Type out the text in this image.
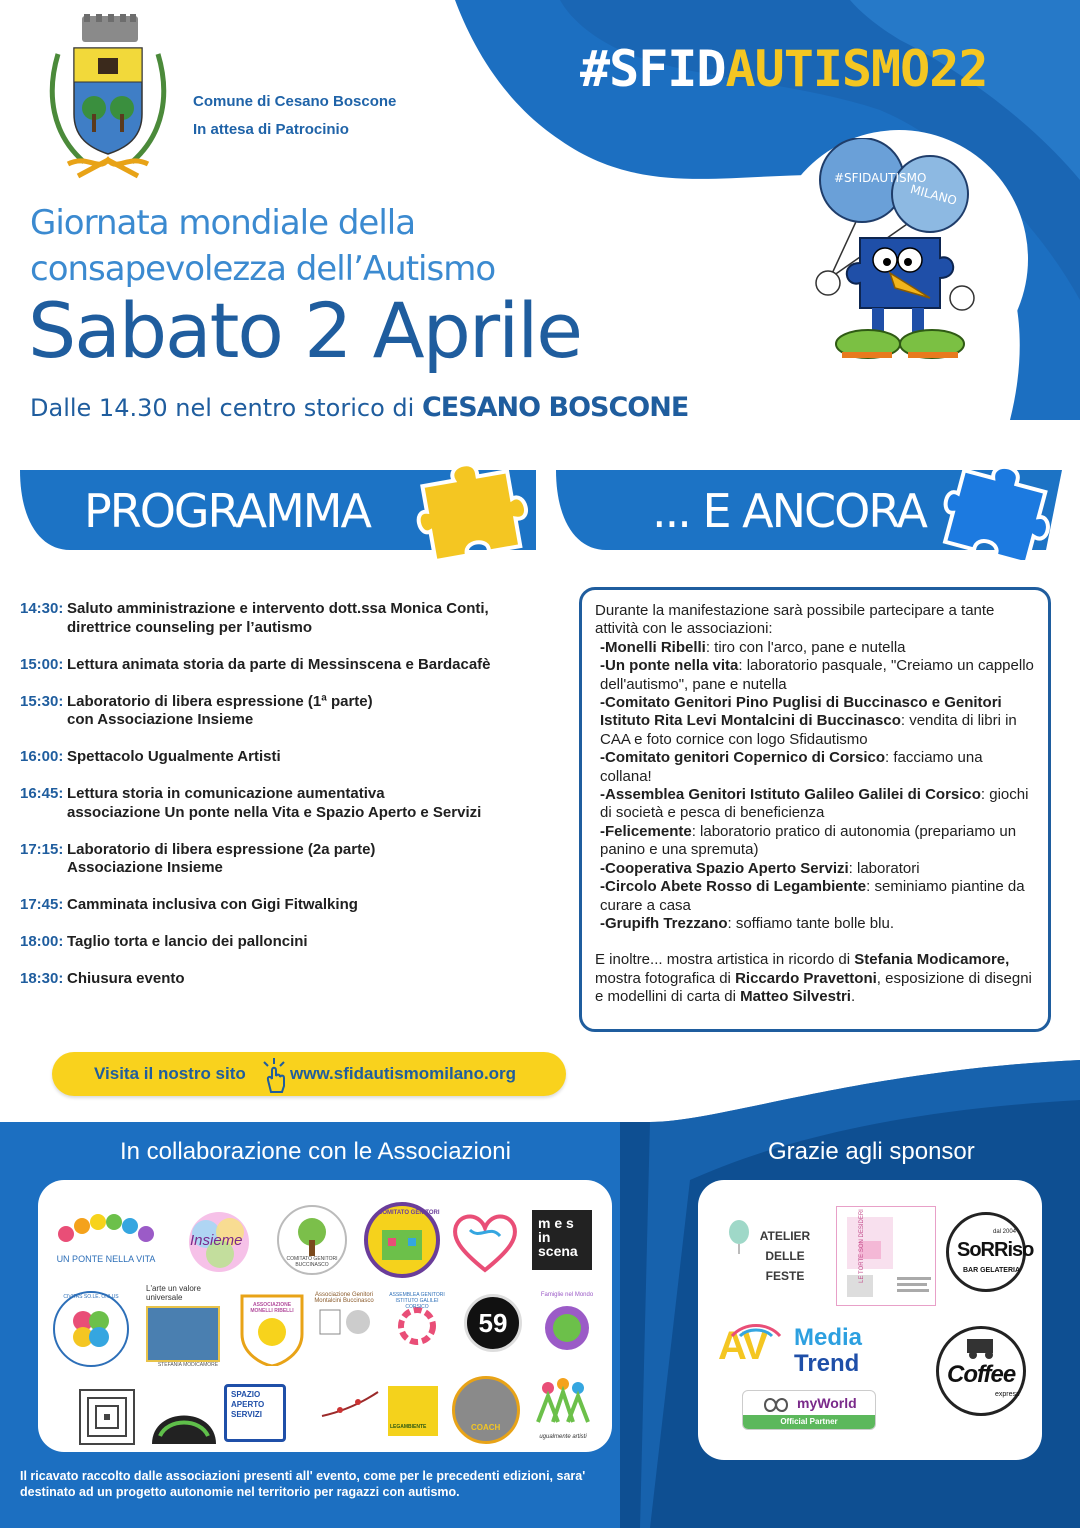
Comune di Cesano Boscone
In attesa di Patrocinio
#SFIDAUTISMO22
#SFIDAUTISMO
MILANO
Giornata mondiale della
consapevolezza dell’Autismo
Sabato 2 Aprile
Dalle 14.30 nel centro storico di CESANO BOSCONE
PROGRAMMA	... E ANCORA
14:30: Saluto amministrazione e intervento dott.ssa Monica Conti,
direttrice counseling per l’autismo
15:00: Lettura animata storia da parte di Messinscena e Bardacafè
15:30: Laboratorio di libera espressione (1ª parte)
con Associazione Insieme
16:00: Spettacolo Ugualmente Artisti
16:45: Lettura storia in comunicazione aumentativa
associazione Un ponte nella Vita e Spazio Aperto e Servizi
17:15: Laboratorio di libera espressione (2a parte)
Associazione Insieme
17:45: Camminata inclusiva con Gigi Fitwalking
18:00: Taglio torta e lancio dei palloncini
18:30: Chiusura evento

Durante la manifestazione sarà possibile partecipare a tante attività con le associazioni:

-Monelli Ribelli: tiro con l'arco, pane e nutella
-Un ponte nella vita: laboratorio pasquale, "Creiamo un cappello dell'autismo", pane e nutella
-Comitato Genitori Pino Puglisi di Buccinasco e Genitori Istituto Rita Levi Montalcini di Buccinasco: vendita di libri in CAA e foto cornice con logo Sfidautismo
-Comitato genitori Copernico di Corsico: facciamo una collana!
-Assemblea Genitori Istituto Galileo Galilei di Corsico: giochi di società e pesca di beneficienza
-Felicemente: laboratorio pratico di autonomia (prepariamo un panino e una spremuta)
-Cooperativa Spazio Aperto Servizi: laboratori
-Circolo Abete Rosso di Legambiente: seminiamo piantine da curare a casa
-Grupifh Trezzano: soffiamo tante bolle blu.

E inoltre... mostra artistica in ricordo di Stefania Modicamore, mostra fotografica di Riccardo Pravettoni, esposizione di disegni e modellini di carta di Matteo Silvestri.

Visita il nostro sito	www.sfidautismomilano.org
In collaborazione con le Associazioni	Grazie agli sponsor
UN PONTE NELLA VITA
Insieme
COMITATO GENITORI BUCCINASCO
COMITATO GENITORI
m e s in scena
CIVITAS SO.LE. ONLUS
L'arte un valore universale
STEFANIA MODICAMORE
ASSOCIAZIONE MONELLI RIBELLI
Associazione Genitori Montalcini Buccinasco
ASSEMBLEA GENITORI ISTITUTO GALILEI CORSICO
59
Famiglie nel Mondo
SPAZIO APERTO SERVIZI
LEGAMBIENTE	COACH
ugualmente artisti
ATELIER DELLE FESTE	LE TORTE SON DESIDERI	dal 2004
SoRRiso
BAR GELATERIA
AV Media
Trend
myWorld
Official Partner
Coffee
express
Il ricavato raccolto dalle associazioni presenti all' evento, come per le precedenti edizioni, sara' destinato ad un progetto autonomie nel territorio per ragazzi con autismo.
